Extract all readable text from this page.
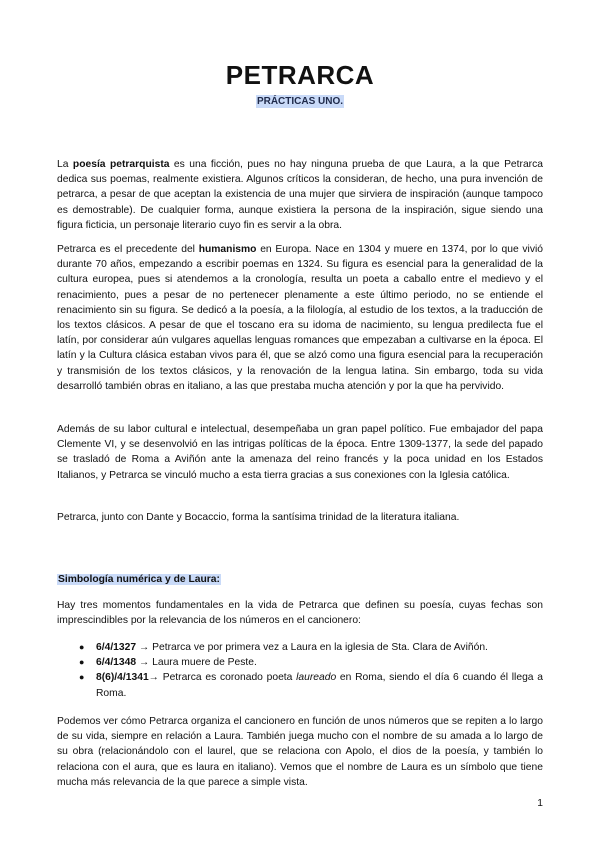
PETRARCA
PRÁCTICAS UNO.
La poesía petrarquista es una ficción, pues no hay ninguna prueba de que Laura, a la que Petrarca dedica sus poemas, realmente existiera. Algunos críticos la consideran, de hecho, una pura invención de petrarca, a pesar de que aceptan la existencia de una mujer que sirviera de inspiración (aunque tampoco es demostrable). De cualquier forma, aunque existiera la persona de la inspiración, sigue siendo una figura ficticia, un personaje literario cuyo fin es servir a la obra.
Petrarca es el precedente del humanismo en Europa. Nace en 1304 y muere en 1374, por lo que vivió durante 70 años, empezando a escribir poemas en 1324. Su figura es esencial para la generalidad de la cultura europea, pues si atendemos a la cronología, resulta un poeta a caballo entre el medievo y el renacimiento, pues a pesar de no pertenecer plenamente a este último periodo, no se entiende el renacimiento sin su figura. Se dedicó a la poesía, a la filología, al estudio de los textos, a la traducción de los textos clásicos. A pesar de que el toscano era su idoma de nacimiento, su lengua predilecta fue el latín, por considerar aún vulgares aquellas lenguas romances que empezaban a cultivarse en la época. El latín y la Cultura clásica estaban vivos para él, que se alzó como una figura esencial para la recuperación y transmisión de los textos clásicos, y la renovación de la lengua latina. Sin embargo, toda su vida desarrolló también obras en italiano, a las que prestaba mucha atención y por la que ha pervivido.
Además de su labor cultural e intelectual, desempeñaba un gran papel político. Fue embajador del papa Clemente VI, y se desenvolvió en las intrigas políticas de la época. Entre 1309-1377, la sede del papado se trasladó de Roma a Aviñón ante la amenaza del reino francés y la poca unidad en los Estados Italianos, y Petrarca se vinculó mucho a esta tierra gracias a sus conexiones con la Iglesia católica.
Petrarca, junto con Dante y Bocaccio, forma la santísima trinidad de la literatura italiana.
Simbología numérica y de Laura:
Hay tres momentos fundamentales en la vida de Petrarca que definen su poesía, cuyas fechas son imprescindibles por la relevancia de los números en el cancionero:
● 6/4/1327 → Petrarca ve por primera vez a Laura en la iglesia de Sta. Clara de Aviñón.
● 6/4/1348 → Laura muere de Peste.
● 8(6)/4/1341→ Petrarca es coronado poeta laureado en Roma, siendo el día 6 cuando él llega a Roma.
Podemos ver cómo Petrarca organiza el cancionero en función de unos números que se repiten a lo largo de su vida, siempre en relación a Laura. También juega mucho con el nombre de su amada a lo largo de su obra (relacionándolo con el laurel, que se relaciona con Apolo, el dios de la poesía, y también lo relaciona con el aura, que es laura en italiano). Vemos que el nombre de Laura es un símbolo que tiene mucha más relevancia de la que parece a simple vista.
1
